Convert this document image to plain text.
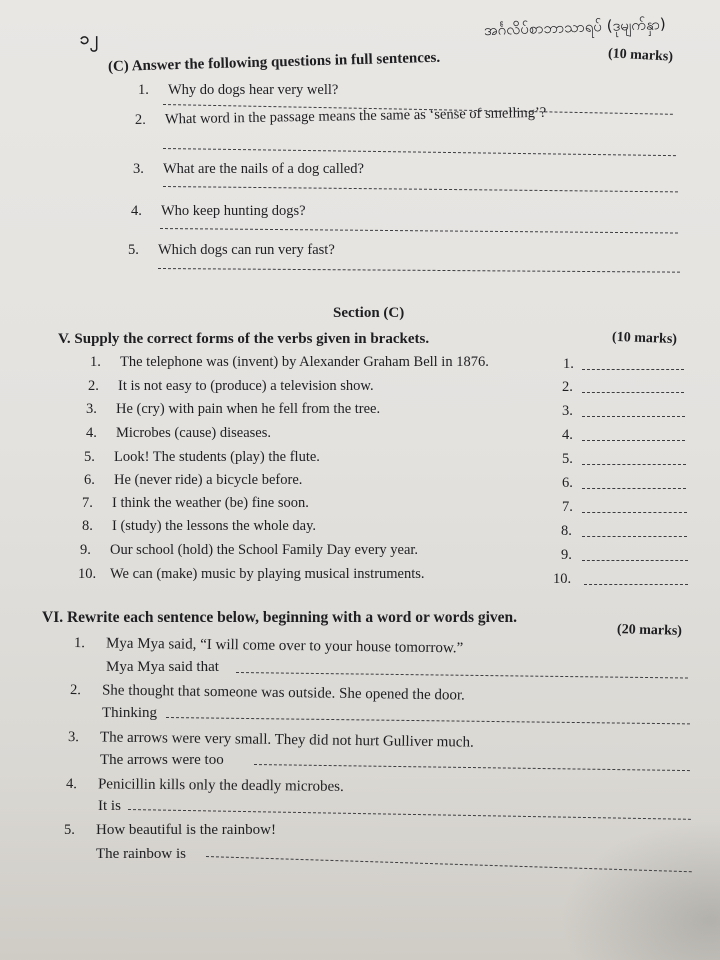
၁၂	အင်္ဂလိပ်စာဘာသာရပ် (ဒုမျက်နှာ)
(10 marks)
(C) Answer the following questions in full sentences.
1. Why do dogs hear very well?
2. What word in the passage means the same as ‘sense of smelling’?
3. What are the nails of a dog called?
4. Who keep hunting dogs?
5. Which dogs can run very fast?
Section (C)
V. Supply the correct forms of the verbs given in brackets.	(10 marks)
1. The telephone was (invent) by Alexander Graham Bell in 1876.	1.
2. It is not easy to (produce) a television show.	2.
3. He (cry) with pain when he fell from the tree.	3.
4. Microbes (cause) diseases.	4.
5. Look! The students (play) the flute.	5.
6. He (never ride) a bicycle before.	6.
7. I think the weather (be) fine soon.	7.
8. I (study) the lessons the whole day.	8.
9. Our school (hold) the School Family Day every year.	9.
10. We can (make) music by playing musical instruments.	10.
VI. Rewrite each sentence below, beginning with a word or words given.
(20 marks)
1. Mya Mya said, “I will come over to your house tomorrow.”
Mya Mya said that
2. She thought that someone was outside. She opened the door.
Thinking
3. The arrows were very small. They did not hurt Gulliver much.
The arrows were too
4. Penicillin kills only the deadly microbes.
It is
5. How beautiful is the rainbow!
The rainbow is
